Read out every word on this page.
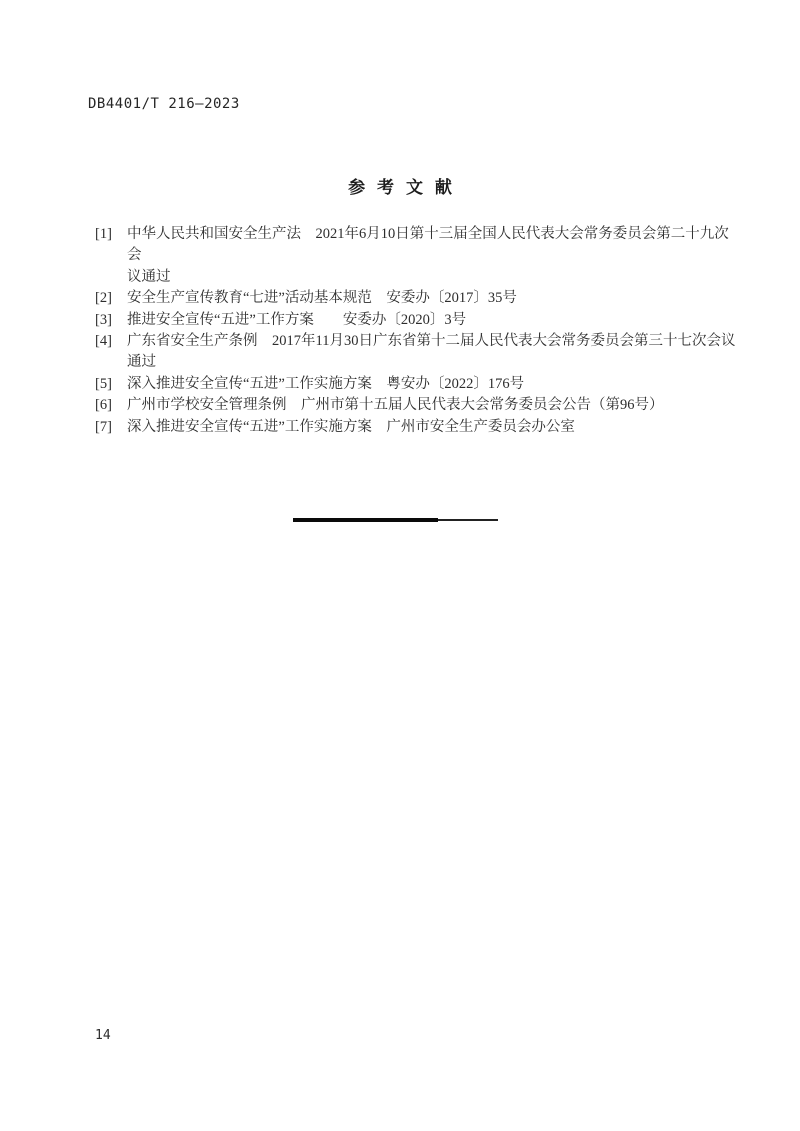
DB4401/T 216—2023
参考文献
[1] 中华人民共和国安全生产法　2021年6月10日第十三届全国人民代表大会常务委员会第二十九次会
议通过
[2] 安全生产宣传教育“七进”活动基本规范　安委办〔2017〕35号
[3] 推进安全宣传“五进”工作方案　　安委办〔2020〕3号
[4] 广东省安全生产条例　2017年11月30日广东省第十二届人民代表大会常务委员会第三十七次会议
通过
[5] 深入推进安全宣传“五进”工作实施方案　粤安办〔2022〕176号
[6] 广州市学校安全管理条例　广州市第十五届人民代表大会常务委员会公告（第96号）
[7] 深入推进安全宣传“五进”工作实施方案　广州市安全生产委员会办公室
14
